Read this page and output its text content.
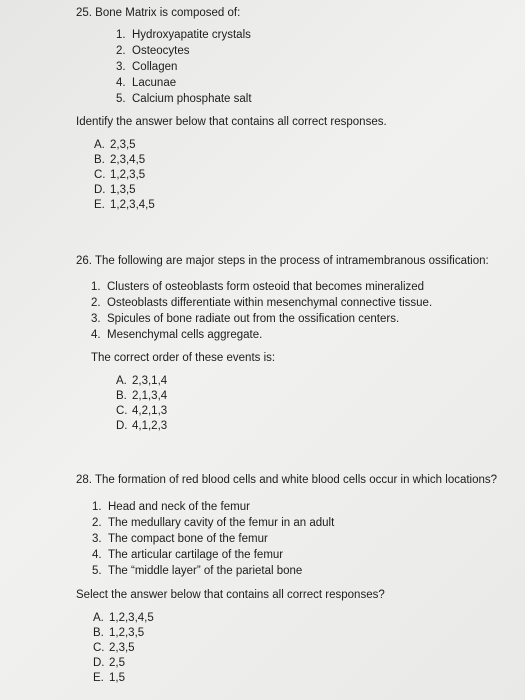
25. Bone Matrix is composed of:
1. Hydroxyapatite crystals
2. Osteocytes
3. Collagen
4. Lacunae
5. Calcium phosphate salt
Identify the answer below that contains all correct responses.
A. 2,3,5
B. 2,3,4,5
C. 1,2,3,5
D. 1,3,5
E. 1,2,3,4,5
26. The following are major steps in the process of intramembranous ossification:
1. Clusters of osteoblasts form osteoid that becomes mineralized
2. Osteoblasts differentiate within mesenchymal connective tissue.
3. Spicules of bone radiate out from the ossification centers.
4. Mesenchymal cells aggregate.
The correct order of these events is:
A. 2,3,1,4
B. 2,1,3,4
C. 4,2,1,3
D. 4,1,2,3
28. The formation of red blood cells and white blood cells occur in which locations?
1. Head and neck of the femur
2. The medullary cavity of the femur in an adult
3. The compact bone of the femur
4. The articular cartilage of the femur
5. The “middle layer” of the parietal bone
Select the answer below that contains all correct responses?
A. 1,2,3,4,5
B. 1,2,3,5
C. 2,3,5
D. 2,5
E. 1,5
